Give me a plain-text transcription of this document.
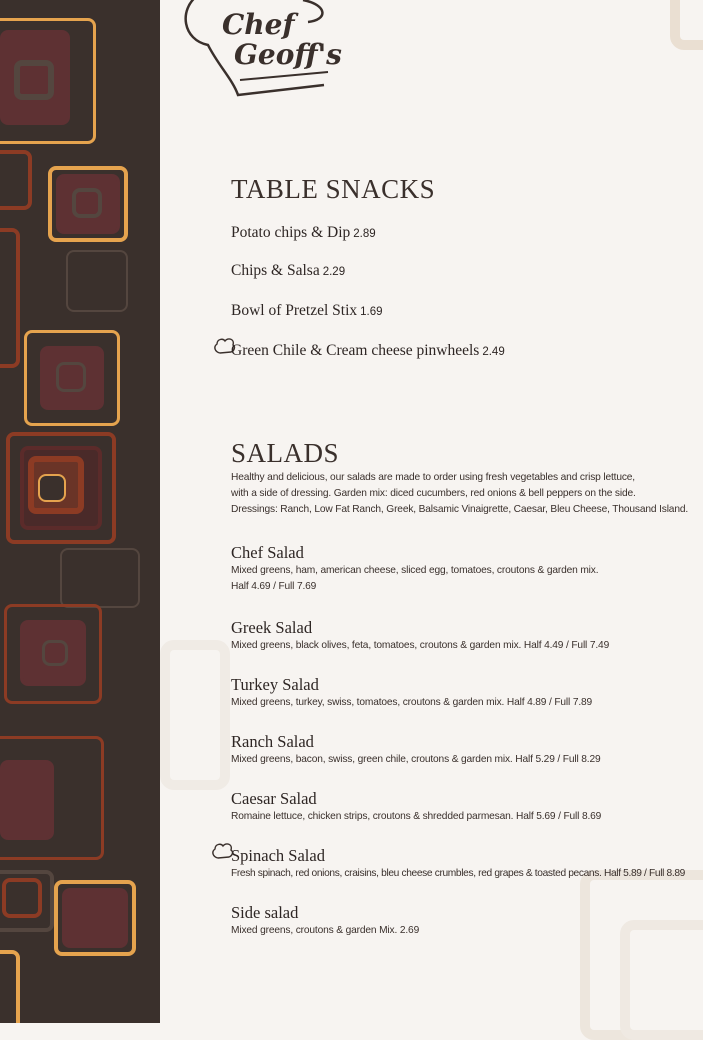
Chef
Geoff's
TABLE SNACKS
Potato chips & Dip 2.89
Chips & Salsa 2.29
Bowl of Pretzel Stix 1.69
Green Chile & Cream cheese pinwheels 2.49
SALADS
Healthy and delicious, our salads are made to order using fresh vegetables and crisp lettuce,
with a side of dressing. Garden mix: diced cucumbers, red onions & bell peppers on the side.
Dressings: Ranch, Low Fat Ranch, Greek, Balsamic Vinaigrette, Caesar, Bleu Cheese, Thousand Island.
Chef Salad
Mixed greens, ham, american cheese, sliced egg, tomatoes, croutons & garden mix.
Half 4.69 / Full 7.69
Greek Salad
Mixed greens, black olives, feta, tomatoes, croutons & garden mix. Half 4.49 / Full 7.49
Turkey Salad
Mixed greens, turkey, swiss, tomatoes, croutons & garden mix. Half 4.89 / Full 7.89
Ranch Salad
Mixed greens, bacon, swiss, green chile, croutons & garden mix. Half 5.29 / Full 8.29
Caesar Salad
Romaine lettuce, chicken strips, croutons & shredded parmesan. Half 5.69 / Full 8.69
Spinach Salad
Fresh spinach, red onions, craisins, bleu cheese crumbles, red grapes & toasted pecans. Half 5.89 / Full 8.89
Side salad
Mixed greens, croutons & garden Mix. 2.69
